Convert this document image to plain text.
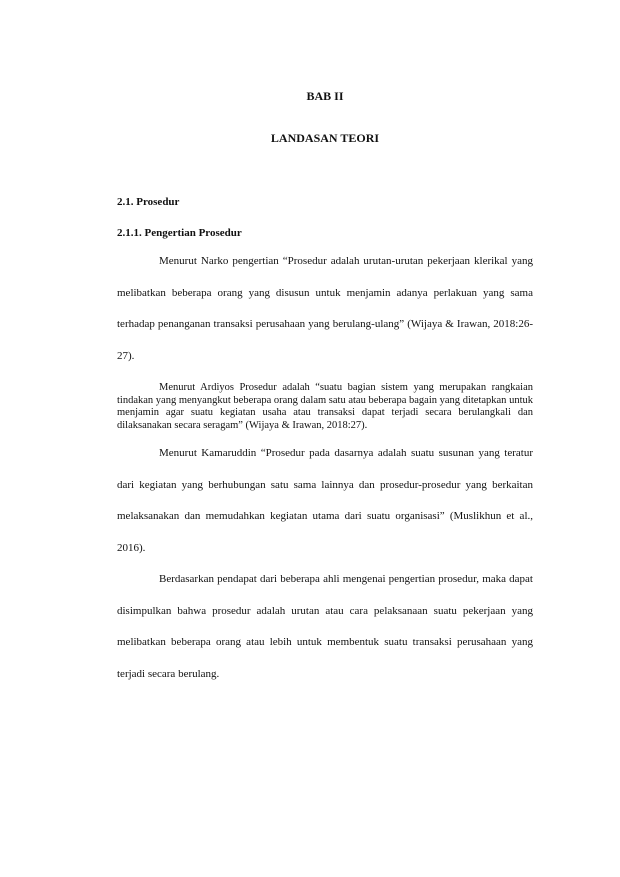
BAB II

LANDASAN TEORI

2.1. Prosedur

2.1.1. Pengertian Prosedur

Menurut Narko pengertian “Prosedur adalah urutan-urutan pekerjaan klerikal yang melibatkan beberapa orang yang disusun untuk menjamin adanya perlakuan yang sama terhadap penanganan transaksi perusahaan yang berulang-ulang” (Wijaya & Irawan, 2018:26-27).

Menurut Ardiyos Prosedur adalah “suatu bagian sistem yang merupakan rangkaian tindakan yang menyangkut beberapa orang dalam satu atau beberapa bagain yang ditetapkan untuk menjamin agar suatu kegiatan usaha atau transaksi dapat terjadi secara berulangkali dan dilaksanakan secara seragam” (Wijaya & Irawan, 2018:27).

Menurut Kamaruddin “Prosedur pada dasarnya adalah suatu susunan yang teratur dari kegiatan yang berhubungan satu sama lainnya dan prosedur-prosedur yang berkaitan melaksanakan dan memudahkan kegiatan utama dari suatu organisasi” (Muslikhun et al., 2016).

Berdasarkan pendapat dari beberapa ahli mengenai pengertian prosedur, maka dapat disimpulkan bahwa prosedur adalah urutan atau cara pelaksanaan suatu pekerjaan yang melibatkan beberapa orang atau lebih untuk membentuk suatu transaksi perusahaan yang terjadi secara berulang.
